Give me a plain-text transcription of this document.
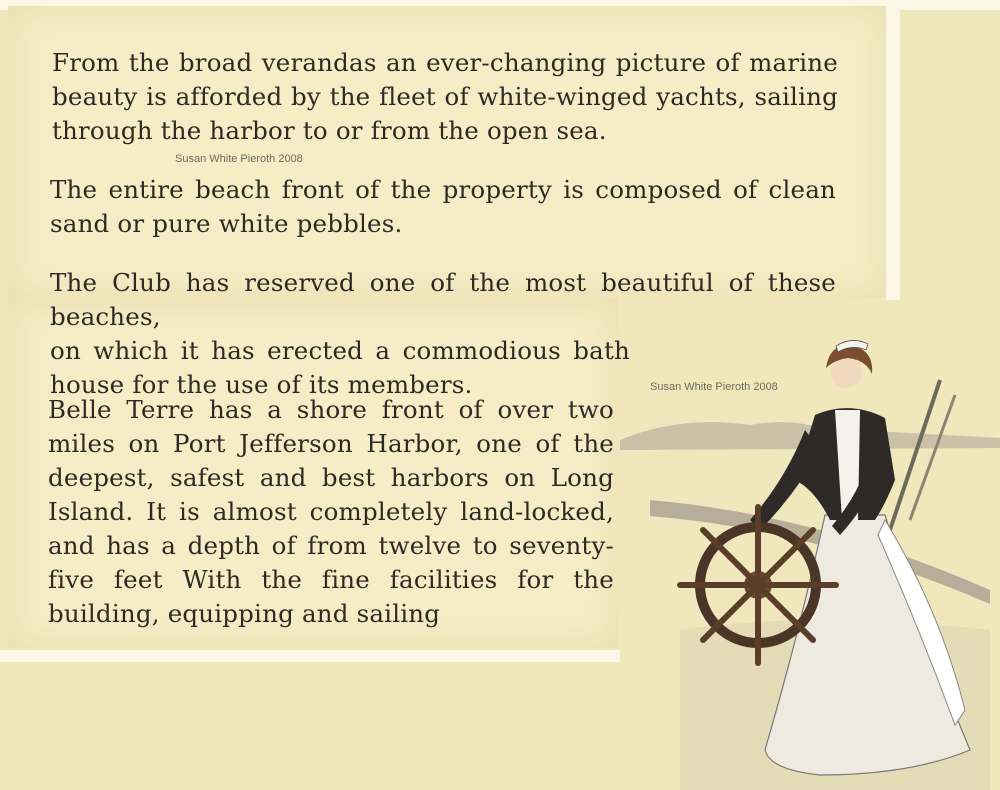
From the broad verandas an ever-changing picture of marine beauty is afforded by the fleet of white-winged yachts, sailing through the harbor to or from the open sea.

Susan White Pieroth 2008

The entire beach front of the property is composed of clean sand or pure white pebbles.

The Club has reserved one of the most beautiful of these beaches,
on which it has erected a commodious bath house for the use of its members.

Belle Terre has a shore front of over two miles on Port Jefferson Harbor, one of the deepest, safest and best harbors on Long Island. It is almost completely land-locked, and has a depth of from twelve to seventy-five feet With the fine facilities for the building, equipping and sailing

Susan White Pieroth 2008
